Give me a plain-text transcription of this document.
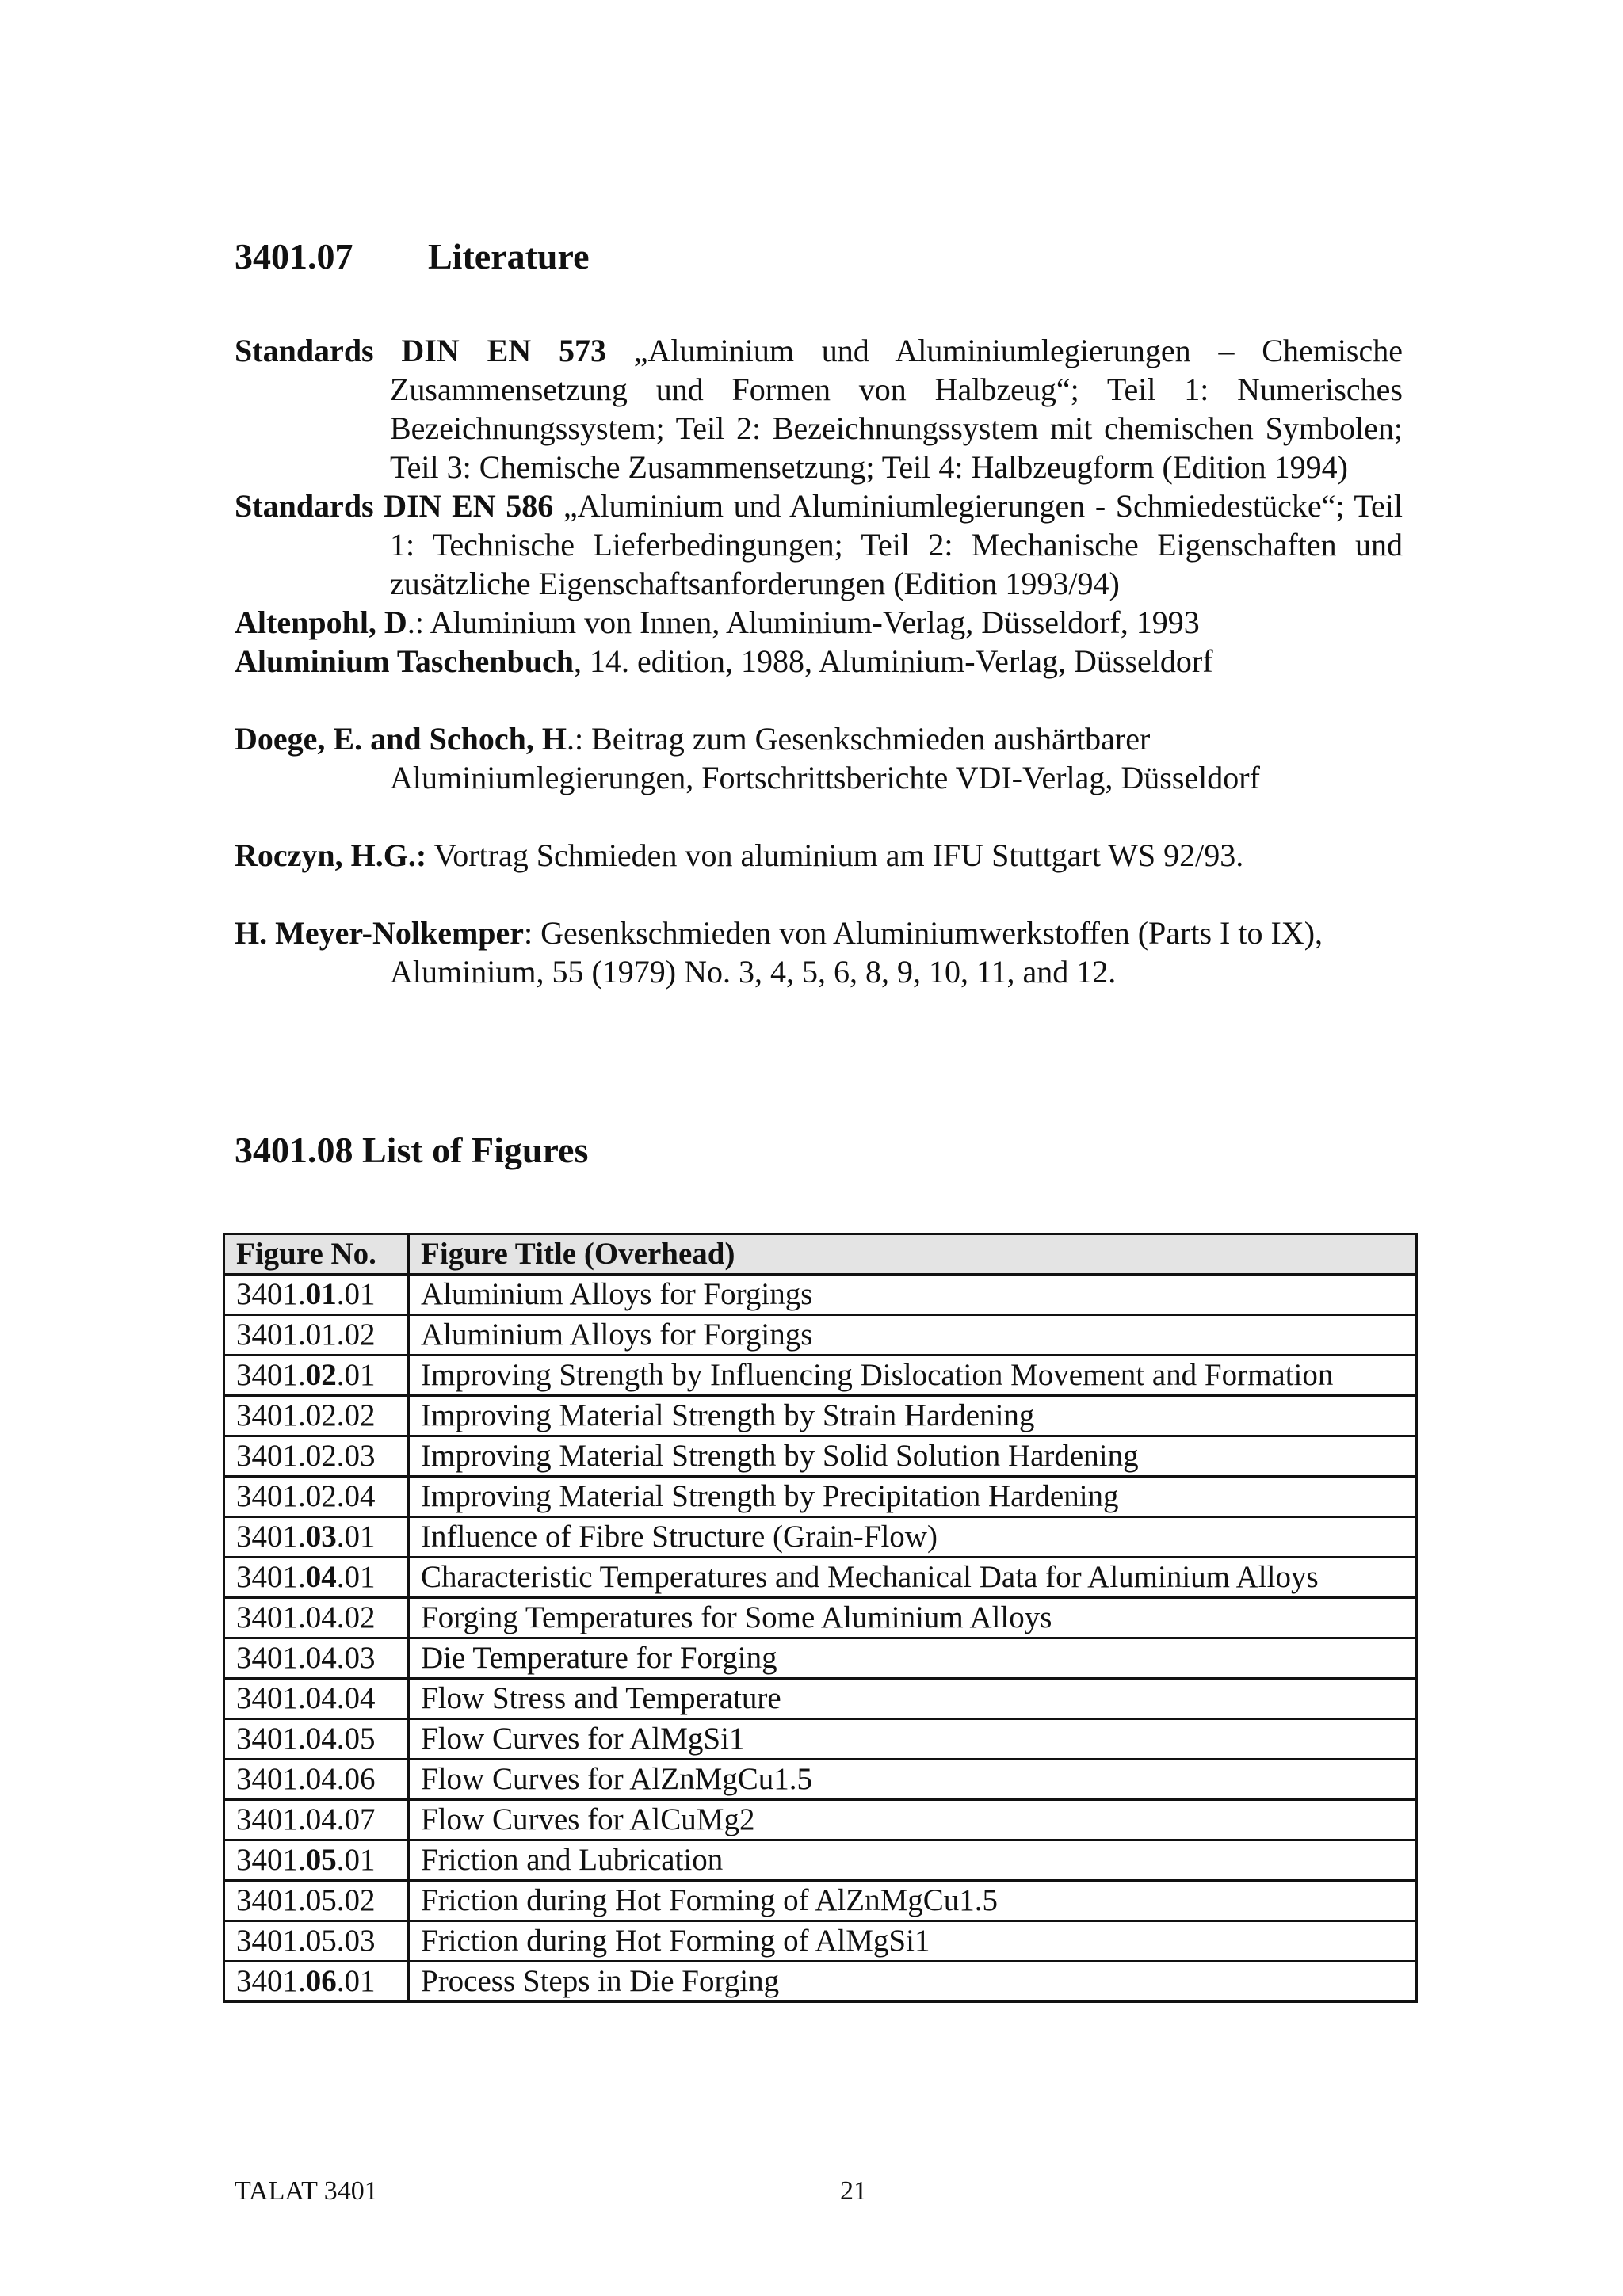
3401.07 Literature

Standards DIN EN 573 „Aluminium und Aluminiumlegierungen – Chemische Zusammensetzung und Formen von Halbzeug“; Teil 1: Numerisches Bezeichnungssystem; Teil 2: Bezeichnungssystem mit chemischen Symbolen; Teil 3: Chemische Zusammensetzung; Teil 4: Halbzeugform (Edition 1994)

Standards DIN EN 586 „Aluminium und Aluminiumlegierungen - Schmiedestücke“; Teil 1: Technische Lieferbedingungen; Teil 2: Mechanische Eigenschaften und zusätzliche Eigenschaftsanforderungen (Edition 1993/94)

Altenpohl, D.: Aluminium von Innen, Aluminium-Verlag, Düsseldorf, 1993

Aluminium Taschenbuch, 14. edition, 1988, Aluminium-Verlag, Düsseldorf

Doege, E. and Schoch, H.: Beitrag zum Gesenkschmieden aushärtbarer Aluminiumlegierungen, Fortschrittsberichte VDI-Verlag, Düsseldorf

Roczyn, H.G.: Vortrag Schmieden von aluminium am IFU Stuttgart WS 92/93.

H. Meyer-Nolkemper: Gesenkschmieden von Aluminiumwerkstoffen (Parts I to IX), Aluminium, 55 (1979) No. 3, 4, 5, 6, 8, 9, 10, 11, and 12.

3401.08 List of Figures
Figure No.	Figure Title (Overhead)
3401.01.01	Aluminium Alloys for Forgings
3401.01.02	Aluminium Alloys for Forgings
3401.02.01	Improving Strength by Influencing Dislocation Movement and Formation
3401.02.02	Improving Material Strength by Strain Hardening
3401.02.03	Improving Material Strength by Solid Solution Hardening
3401.02.04	Improving Material Strength by Precipitation Hardening
3401.03.01	Influence of Fibre Structure (Grain-Flow)
3401.04.01	Characteristic Temperatures and Mechanical Data for Aluminium Alloys
3401.04.02	Forging Temperatures for Some Aluminium Alloys
3401.04.03	Die Temperature for Forging
3401.04.04	Flow Stress and Temperature
3401.04.05	Flow Curves for AlMgSi1
3401.04.06	Flow Curves for AlZnMgCu1.5
3401.04.07	Flow Curves for AlCuMg2
3401.05.01	Friction and Lubrication
3401.05.02	Friction during Hot Forming of AlZnMgCu1.5
3401.05.03	Friction during Hot Forming of AlMgSi1
3401.06.01	Process Steps in Die Forging
TALAT 3401	21
